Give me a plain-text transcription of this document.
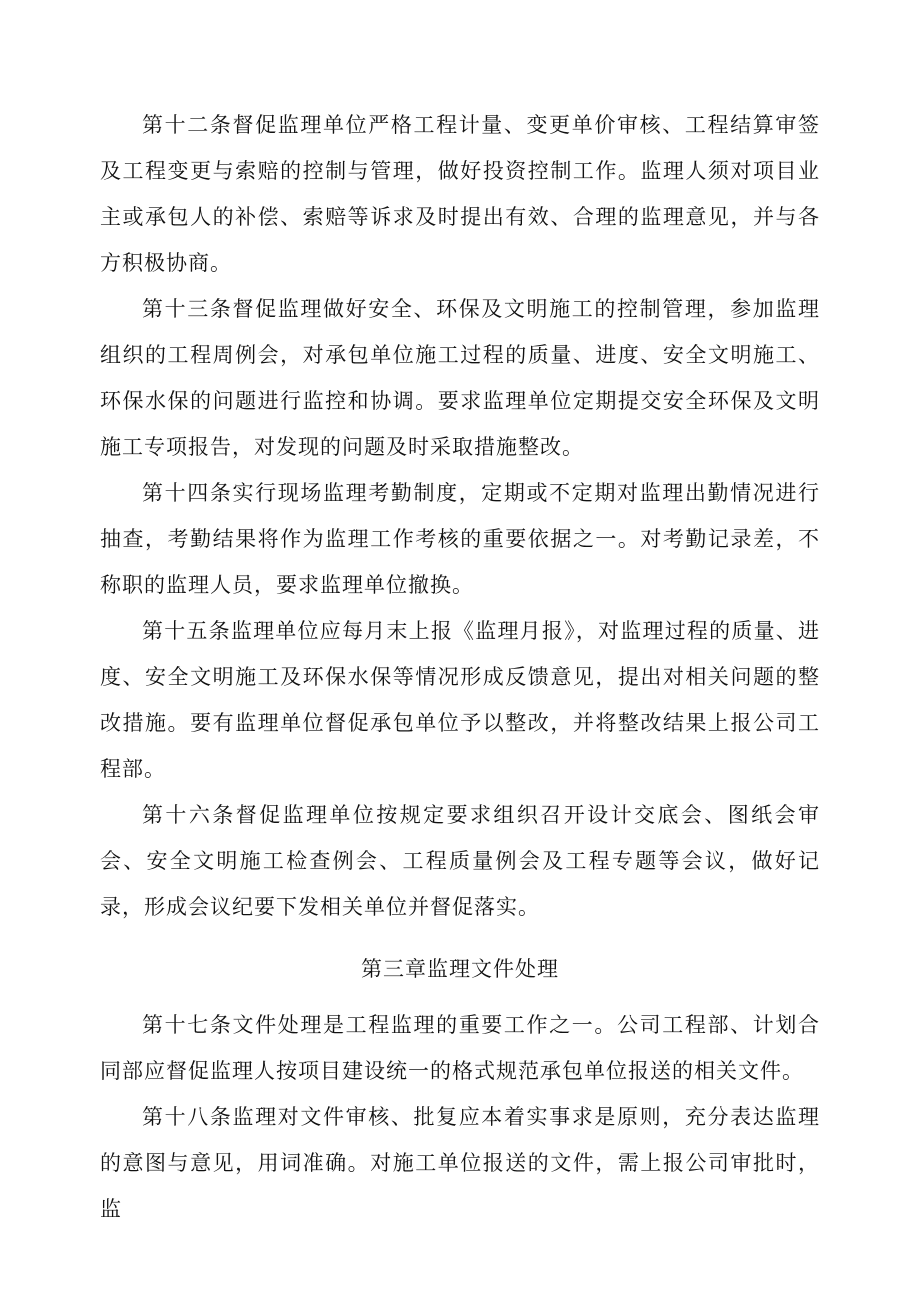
第十二条督促监理单位严格工程计量、变更单价审核、工程结算审签及工程变更与索赔的控制与管理，做好投资控制工作。监理人须对项目业主或承包人的补偿、索赔等诉求及时提出有效、合理的监理意见，并与各方积极协商。

第十三条督促监理做好安全、环保及文明施工的控制管理，参加监理组织的工程周例会，对承包单位施工过程的质量、进度、安全文明施工、环保水保的问题进行监控和协调。要求监理单位定期提交安全环保及文明施工专项报告，对发现的问题及时采取措施整改。

第十四条实行现场监理考勤制度，定期或不定期对监理出勤情况进行抽查，考勤结果将作为监理工作考核的重要依据之一。对考勤记录差，不称职的监理人员，要求监理单位撤换。

第十五条监理单位应每月末上报《监理月报》，对监理过程的质量、进度、安全文明施工及环保水保等情况形成反馈意见，提出对相关问题的整改措施。要有监理单位督促承包单位予以整改，并将整改结果上报公司工程部。

第十六条督促监理单位按规定要求组织召开设计交底会、图纸会审会、安全文明施工检查例会、工程质量例会及工程专题等会议，做好记录，形成会议纪要下发相关单位并督促落实。

第三章监理文件处理

第十七条文件处理是工程监理的重要工作之一。公司工程部、计划合同部应督促监理人按项目建设统一的格式规范承包单位报送的相关文件。

第十八条监理对文件审核、批复应本着实事求是原则，充分表达监理的意图与意见，用词准确。对施工单位报送的文件，需上报公司审批时，监
